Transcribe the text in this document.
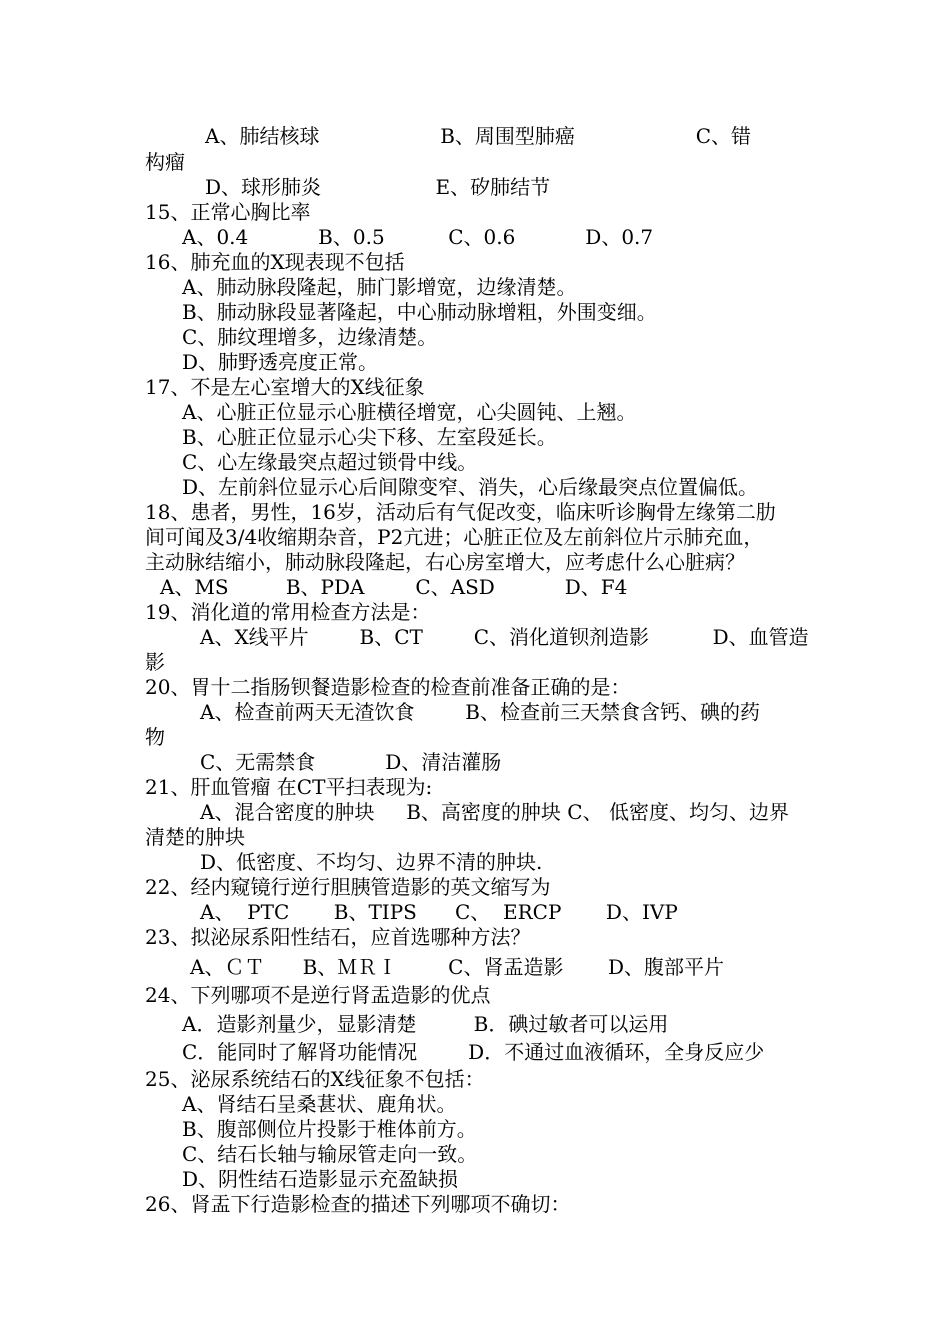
A、肺结核球                   B、周围型肺癌                   C、错
构瘤
D、球形肺炎                  E、矽肺结节
15、正常心胸比率
A、0.4           B、0.5          C、0.6           D、0.7
16、肺充血的X现表现不包括
A、肺动脉段隆起，肺门影增宽，边缘清楚。
B、肺动脉段显著隆起，中心肺动脉增粗，外围变细。
C、肺纹理增多，边缘清楚。
D、肺野透亮度正常。
17、不是左心室增大的X线征象
A、心脏正位显示心脏横径增宽，心尖圆钝、上翘。
B、心脏正位显示心尖下移、左室段延长。
C、心左缘最突点超过锁骨中线。
D、左前斜位显示心后间隙变窄、消失，心后缘最突点位置偏低。
18、患者，男性，16岁，活动后有气促改变，临床听诊胸骨左缘第二肋
间可闻及3/4收缩期杂音，P2亢进；心脏正位及左前斜位片示肺充血，
主动脉结缩小，肺动脉段隆起，右心房室增大，应考虑什么心脏病？
A、MS         B、PDA        C、ASD           D、F4
19、消化道的常用检查方法是：
A、X线平片        B、CT        C、消化道钡剂造影          D、血管造
影
20、胃十二指肠钡餐造影检查的检查前准备正确的是：
A、检查前两天无渣饮食        B、检查前三天禁食含钙、碘的药
物
C、无需禁食           D、清洁灌肠
21、肝血管瘤 在CT平扫表现为:
A、混合密度的肿块     B、高密度的肿块 C、 低密度、均匀、边界
清楚的肿块
D、低密度、不均匀、边界不清的肿块.
22、经内窥镜行逆行胆胰管造影的英文缩写为
A、  PTC       B、TIPS      C、  ERCP       D、IVP
23、拟泌尿系阳性结石，应首选哪种方法？
A、ＣＴ      B、ＭＲＩ        C、肾盂造影       D、腹部平片
24、下列哪项不是逆行肾盂造影的优点
A．造影剂量少，显影清楚         B．碘过敏者可以运用
C．能同时了解肾功能情况        D．不通过血液循环，全身反应少
25、泌尿系统结石的X线征象不包括：
A、肾结石呈桑葚状、鹿角状。
B、腹部侧位片投影于椎体前方。
C、结石长轴与输尿管走向一致。
D、阴性结石造影显示充盈缺损
26、肾盂下行造影检查的描述下列哪项不确切：
